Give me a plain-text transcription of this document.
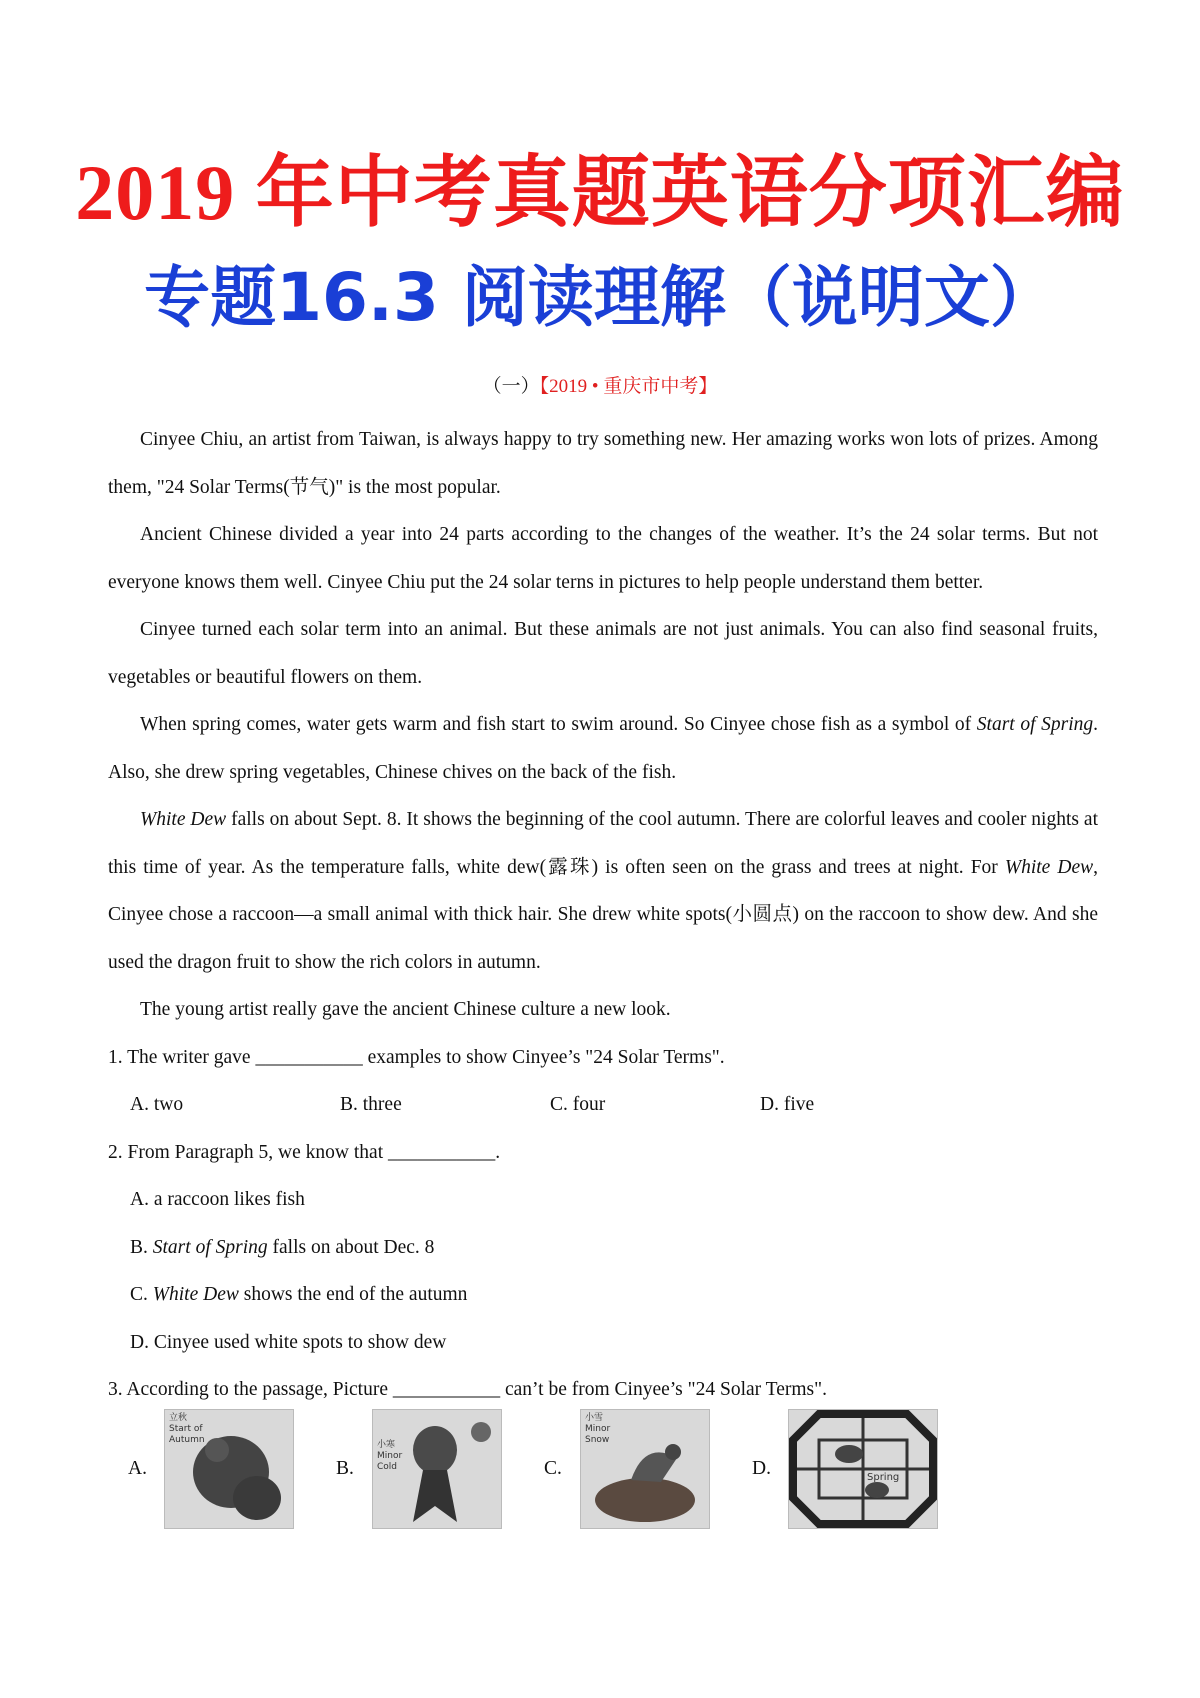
2019 年中考真题英语分项汇编
专题16.3 阅读理解（说明文）
（一）【2019 • 重庆市中考】

Cinyee Chiu, an artist from Taiwan, is always happy to try something new. Her amazing works won lots of prizes. Among them, "24 Solar Terms(节气)" is the most popular.

Ancient Chinese divided a year into 24 parts according to the changes of the weather. It’s the 24 solar terms. But not everyone knows them well. Cinyee Chiu put the 24 solar terns in pictures to help people understand them better.

Cinyee turned each solar term into an animal. But these animals are not just animals. You can also find seasonal fruits, vegetables or beautiful flowers on them.

When spring comes, water gets warm and fish start to swim around. So Cinyee chose fish as a symbol of Start of Spring. Also, she drew spring vegetables, Chinese chives on the back of the fish.

White Dew falls on about Sept. 8. It shows the beginning of the cool autumn. There are colorful leaves and cooler nights at this time of year. As the temperature falls, white dew(露珠) is often seen on the grass and trees at night. For White Dew, Cinyee chose a raccoon—a small animal with thick hair. She drew white spots(小圆点) on the raccoon to show dew. And she used the dragon fruit to show the rich colors in autumn.

The young artist really gave the ancient Chinese culture a new look.

1. The writer gave ___________ examples to show Cinyee’s "24 Solar Terms".

A. two	B. three	C. four	D. five

2. From Paragraph 5, we know that ___________.

A. a raccoon likes fish

B. Start of Spring falls on about Dec. 8

C. White Dew shows the end of the autumn

D. Cinyee used white spots to show dew

3. According to the passage, Picture ___________ can’t be from Cinyee’s "24 Solar Terms".

A.
立秋
Start of
Autumn
B.
小寒
Minor
Cold	C.
小雪
Minor
Snow
D.	Spring
